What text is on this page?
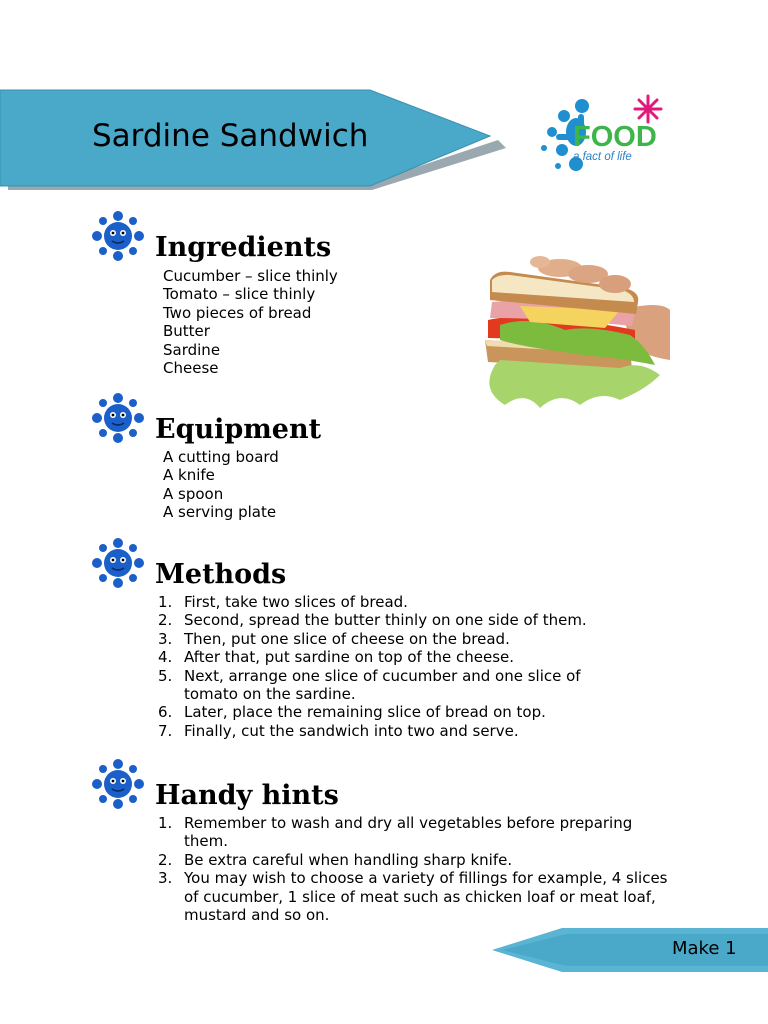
Sardine Sandwich	FOOD
a fact of life
Ingredients
Cucumber – slice thinly
Tomato – slice thinly
Two pieces of bread
Butter
Sardine
Cheese
Equipment
A cutting board
A knife
A spoon
A serving plate
Methods
1. First, take two slices of bread.
2. Second, spread the butter thinly on one side of them.
3. Then, put one slice of cheese on the bread.
4. After that, put sardine on top of the cheese.
5. Next, arrange one slice of cucumber and one slice of tomato on the sardine.
6. Later, place the remaining slice of bread on top.
7. Finally, cut the sandwich into two and serve.
Handy hints
1. Remember to wash and dry all vegetables before preparing them.
2. Be extra careful when handling sharp knife.
3. You may wish to choose a variety of fillings for example, 4 slices of cucumber, 1 slice of meat such as chicken loaf or meat loaf, mustard and so on.
Make 1
